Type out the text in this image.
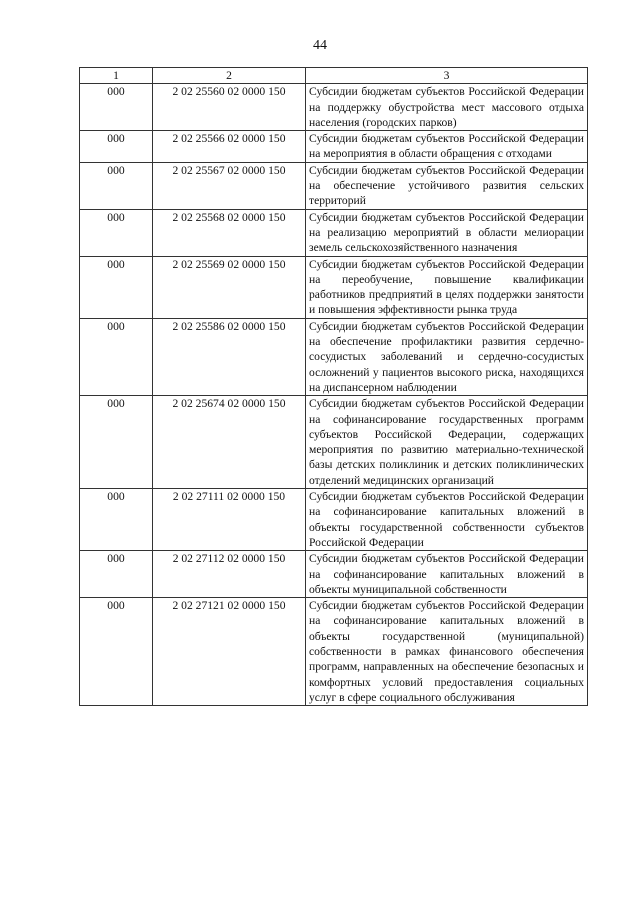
44
1	2	3
000	2 02 25560 02 0000 150	Субсидии бюджетам субъектов Российской Федерации на поддержку обустройства мест массового отдыха населения (городских парков)
000	2 02 25566 02 0000 150	Субсидии бюджетам субъектов Российской Федерации на мероприятия в области обращения с отходами
000	2 02 25567 02 0000 150	Субсидии бюджетам субъектов Российской Федерации на обеспечение устойчивого развития сельских территорий
000	2 02 25568 02 0000 150	Субсидии бюджетам субъектов Российской Федерации на реализацию мероприятий в области мелиорации земель сельскохозяйственного назначения
000	2 02 25569 02 0000 150	Субсидии бюджетам субъектов Российской Федерации на переобучение, повышение квалификации работников предприятий в целях поддержки занятости и повышения эффективности рынка труда
000	2 02 25586 02 0000 150	Субсидии бюджетам субъектов Российской Федерации на обеспечение профилактики развития сердечно-сосудистых заболеваний и сердечно-сосудистых осложнений у пациентов высокого риска, находящихся на диспансерном наблюдении
000	2 02 25674 02 0000 150	Субсидии бюджетам субъектов Российской Федерации на софинансирование государственных программ субъектов Российской Федерации, содержащих мероприятия по развитию материально-технической базы детских поликлиник и детских поликлинических отделений медицинских организаций
000	2 02 27111 02 0000 150	Субсидии бюджетам субъектов Российской Федерации на софинансирование капитальных вложений в объекты государственной собственности субъектов Российской Федерации
000	2 02 27112 02 0000 150	Субсидии бюджетам субъектов Российской Федерации на софинансирование капитальных вложений в объекты муниципальной собственности
000	2 02 27121 02 0000 150	Субсидии бюджетам субъектов Российской Федерации на софинансирование капитальных вложений в объекты государственной (муниципальной) собственности в рамках финансового обеспечения программ, направленных на обеспечение безопасных и комфортных условий предоставления социальных услуг в сфере социального обслуживания
